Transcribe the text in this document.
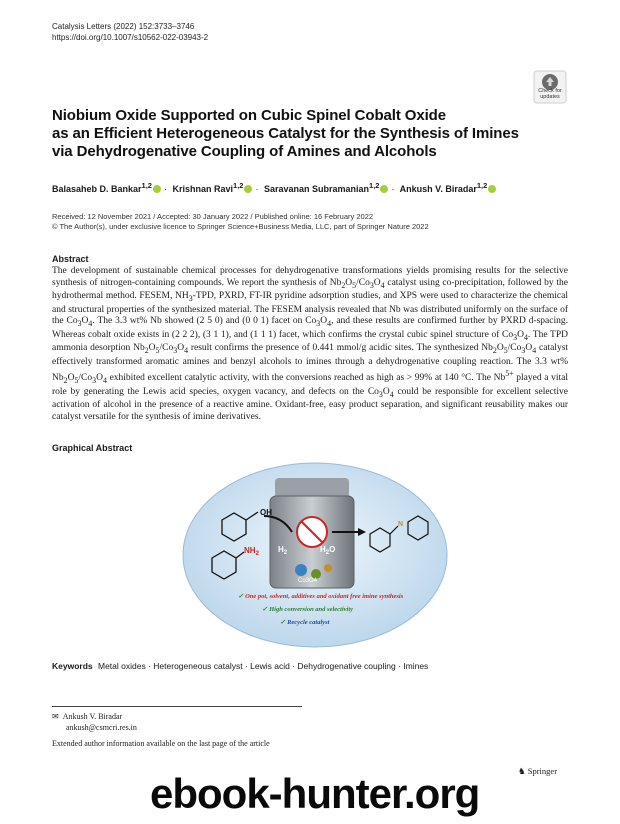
Catalysis Letters (2022) 152:3733–3746
https://doi.org/10.1007/s10562-022-03943-2
Check for
updates
Niobium Oxide Supported on Cubic Spinel Cobalt Oxide
as an Efficient Heterogeneous Catalyst for the Synthesis of Imines
via Dehydrogenative Coupling of Amines and Alcohols
Balasaheb D. Bankar$^{1,2}$ · Krishnan Ravi$^{1,2}$ · Saravanan Subramanian$^{1,2}$ · Ankush V. Biradar$^{1,2}$
Received: 12 November 2021 / Accepted: 30 January 2022 / Published online: 16 February 2022
© The Author(s), under exclusive licence to Springer Science+Business Media, LLC, part of Springer Nature 2022
Abstract
The development of sustainable chemical processes for dehydrogenative transformations yields promising results for the selective synthesis of nitrogen-containing compounds. We report the synthesis of $Nb_2O_5/Co_3O_4$ catalyst using co-precipitation, followed by the hydrothermal method. FESEM, $NH_3$-TPD, PXRD, FT-IR pyridine adsorption studies, and XPS were used to characterize the chemical and structural properties of the synthesized material. The FESEM analysis revealed that Nb was distributed uniformly on the surface of the $Co_3O_4$. The 3.3 wt% Nb showed (2 5 0) and (0 0 1) facet on $Co_3O_4$, and these results are confirmed further by PXRD d-spacing. Whereas cobalt oxide exists in (2 2 2), (3 1 1), and (1 1 1) facet, which confirms the crystal cubic spinel structure of $Co_3O_4$. The TPD ammonia desorption $Nb_2O_5/Co_3O_4$ result confirms the presence of 0.441 mmol/g acidic sites. The synthesized $Nb_2O_5/Co_3O_4$ catalyst effectively transformed aromatic amines and benzyl alcohols to imines through a dehydrogenative coupling reaction. The 3.3 wt% $Nb_2O_5/Co_3O_4$ exhibited excellent catalytic activity, with the conversions reached as high as > 99% at 140 °C. The $Nb^{5+}$ played a vital role by generating the Lewis acid species, oxygen vacancy, and defects on the $Co_3O_4$ could be responsible for excellent selective activation of alcohol in the presence of a reactive amine. Oxidant-free, easy product separation, and significant reusability makes our catalyst versatile for the synthesis of imine derivatives.
Graphical Abstract
Co3O4
OH
$NH_2$ $H_2$	$H_2O$
N
✓ One pot, solvent, additives and oxidant free imine synthesis
✓ High conversion and selectivity
✓ Recycle catalyst
Keywords Metal oxides · Heterogeneous catalyst · Lewis acid · Dehydrogenative coupling · Imines
✉ Ankush V. Biradar
ankush@csmcri.res.in
Extended author information available on the last page of the article
♞ Springer
ebook-hunter.org
